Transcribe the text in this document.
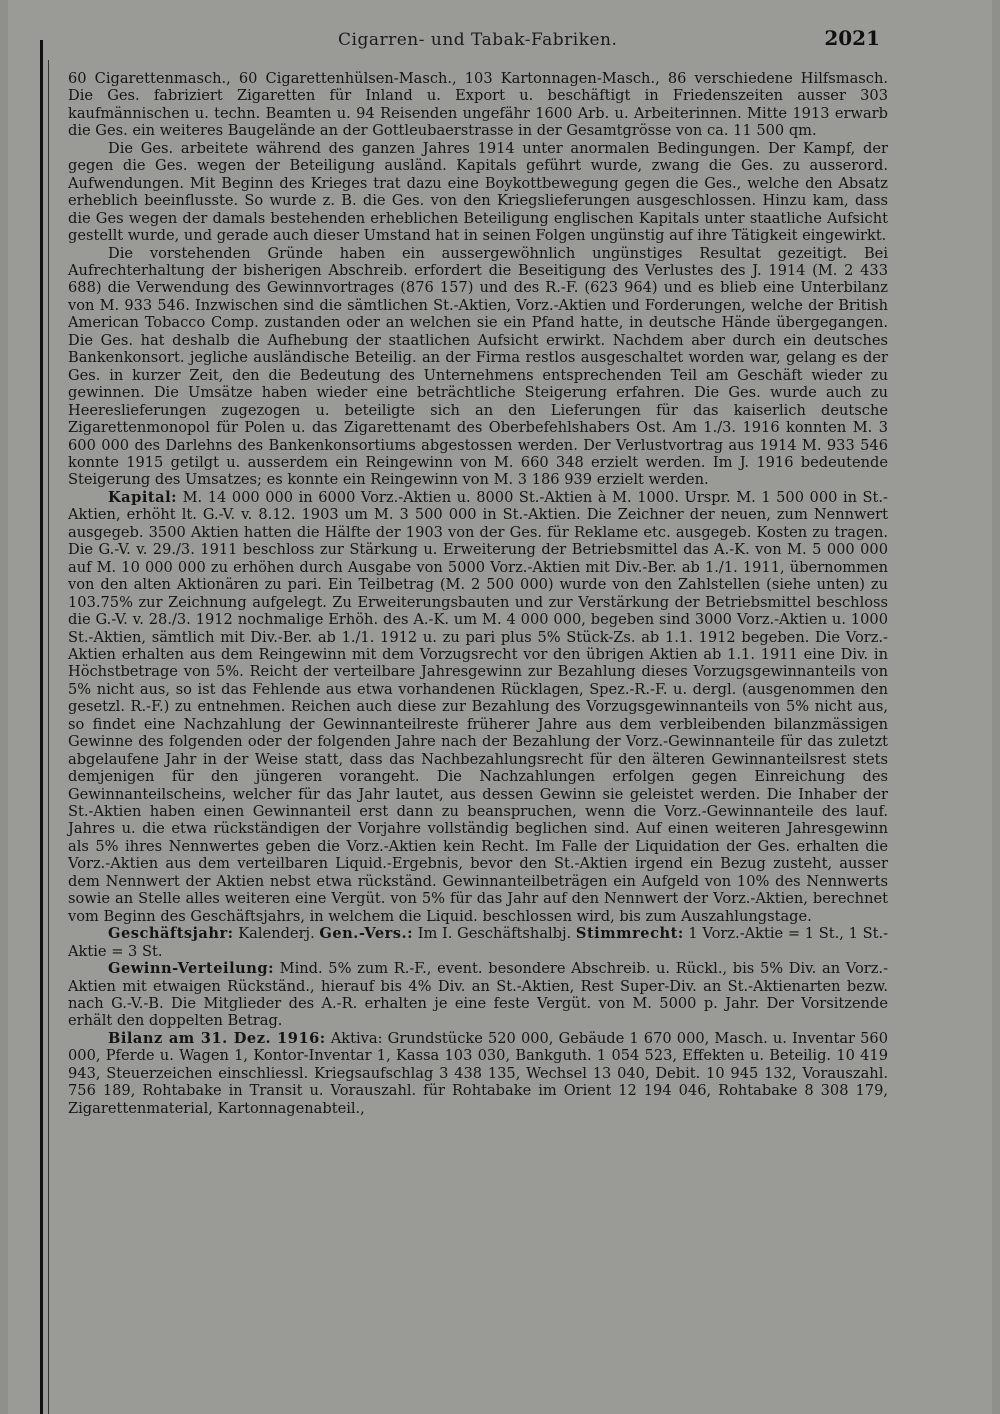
Cigarren- und Tabak-Fabriken.	2021

60 Cigarettenmasch., 60 Cigarettenhülsen-Masch., 103 Kartonnagen-Masch., 86 verschiedene Hilfsmasch. Die Ges. fabriziert Zigaretten für Inland u. Export u. beschäftigt in Friedenszeiten ausser 303 kaufmännischen u. techn. Beamten u. 94 Reisenden ungefähr 1600 Arb. u. Arbeiterinnen. Mitte 1913 erwarb die Ges. ein weiteres Baugelände an der Gottleubaerstrasse in der Gesamtgrösse von ca. 11 500 qm.

Die Ges. arbeitete während des ganzen Jahres 1914 unter anormalen Bedingungen. Der Kampf, der gegen die Ges. wegen der Beteiligung ausländ. Kapitals geführt wurde, zwang die Ges. zu ausserord. Aufwendungen. Mit Beginn des Krieges trat dazu eine Boykottbewegung gegen die Ges., welche den Absatz erheblich beeinflusste. So wurde z. B. die Ges. von den Kriegslieferungen ausgeschlossen. Hinzu kam, dass die Ges wegen der damals bestehenden erheblichen Beteiligung englischen Kapitals unter staatliche Aufsicht gestellt wurde, und gerade auch dieser Umstand hat in seinen Folgen ungünstig auf ihre Tätigkeit eingewirkt.

Die vorstehenden Gründe haben ein aussergewöhnlich ungünstiges Resultat gezeitigt. Bei Aufrechterhaltung der bisherigen Abschreib. erfordert die Beseitigung des Verlustes des J. 1914 (M. 2 433 688) die Verwendung des Gewinnvortrages (876 157) und des R.-F. (623 964) und es blieb eine Unterbilanz von M. 933 546. Inzwischen sind die sämtlichen St.-Aktien, Vorz.-Aktien und Forderungen, welche der British American Tobacco Comp. zustanden oder an welchen sie ein Pfand hatte, in deutsche Hände übergegangen. Die Ges. hat deshalb die Aufhebung der staatlichen Aufsicht erwirkt. Nachdem aber durch ein deutsches Bankenkonsort. jegliche ausländische Beteilig. an der Firma restlos ausgeschaltet worden war, gelang es der Ges. in kurzer Zeit, den die Bedeutung des Unternehmens entsprechenden Teil am Geschäft wieder zu gewinnen. Die Umsätze haben wieder eine beträchtliche Steigerung erfahren. Die Ges. wurde auch zu Heereslieferungen zugezogen u. beteiligte sich an den Lieferungen für das kaiserlich deutsche Zigarettenmonopol für Polen u. das Zigarettenamt des Oberbefehlshabers Ost. Am 1./3. 1916 konnten M. 3 600 000 des Darlehns des Bankenkonsortiums abgestossen werden. Der Verlustvortrag aus 1914 M. 933 546 konnte 1915 getilgt u. ausserdem ein Reingewinn von M. 660 348 erzielt werden. Im J. 1916 bedeutende Steigerung des Umsatzes; es konnte ein Reingewinn von M. 3 186 939 erzielt werden.

Kapital: M. 14 000 000 in 6000 Vorz.-Aktien u. 8000 St.-Aktien à M. 1000. Urspr. M. 1 500 000 in St.-Aktien, erhöht lt. G.-V. v. 8.12. 1903 um M. 3 500 000 in St.-Aktien. Die Zeichner der neuen, zum Nennwert ausgegeb. 3500 Aktien hatten die Hälfte der 1903 von der Ges. für Reklame etc. ausgegeb. Kosten zu tragen. Die G.-V. v. 29./3. 1911 beschloss zur Stärkung u. Erweiterung der Betriebsmittel das A.-K. von M. 5 000 000 auf M. 10 000 000 zu erhöhen durch Ausgabe von 5000 Vorz.-Aktien mit Div.-Ber. ab 1./1. 1911, übernommen von den alten Aktionären zu pari. Ein Teilbetrag (M. 2 500 000) wurde von den Zahlstellen (siehe unten) zu 103.75% zur Zeichnung aufgelegt. Zu Erweiterungsbauten und zur Verstärkung der Betriebsmittel beschloss die G.-V. v. 28./3. 1912 nochmalige Erhöh. des A.-K. um M. 4 000 000, begeben sind 3000 Vorz.-Aktien u. 1000 St.-Aktien, sämtlich mit Div.-Ber. ab 1./1. 1912 u. zu pari plus 5% Stück-Zs. ab 1.1. 1912 begeben. Die Vorz.-Aktien erhalten aus dem Reingewinn mit dem Vorzugsrecht vor den übrigen Aktien ab 1.1. 1911 eine Div. in Höchstbetrage von 5%. Reicht der verteilbare Jahresgewinn zur Bezahlung dieses Vorzugsgewinnanteils von 5% nicht aus, so ist das Fehlende aus etwa vorhandenen Rücklagen, Spez.-R.-F. u. dergl. (ausgenommen den gesetzl. R.-F.) zu entnehmen. Reichen auch diese zur Bezahlung des Vorzugsgewinnanteils von 5% nicht aus, so findet eine Nachzahlung der Gewinnanteilreste früherer Jahre aus dem verbleibenden bilanzmässigen Gewinne des folgenden oder der folgenden Jahre nach der Bezahlung der Vorz.-Gewinnanteile für das zuletzt abgelaufene Jahr in der Weise statt, dass das Nachbezahlungsrecht für den älteren Gewinnanteilsrest stets demjenigen für den jüngeren vorangeht. Die Nachzahlungen erfolgen gegen Einreichung des Gewinnanteilscheins, welcher für das Jahr lautet, aus dessen Gewinn sie geleistet werden. Die Inhaber der St.-Aktien haben einen Gewinnanteil erst dann zu beanspruchen, wenn die Vorz.-Gewinnanteile des lauf. Jahres u. die etwa rückständigen der Vorjahre vollständig beglichen sind. Auf einen weiteren Jahresgewinn als 5% ihres Nennwertes geben die Vorz.-Aktien kein Recht. Im Falle der Liquidation der Ges. erhalten die Vorz.-Aktien aus dem verteilbaren Liquid.-Ergebnis, bevor den St.-Aktien irgend ein Bezug zusteht, ausser dem Nennwert der Aktien nebst etwa rückständ. Gewinnanteilbeträgen ein Aufgeld von 10% des Nennwerts sowie an Stelle alles weiteren eine Vergüt. von 5% für das Jahr auf den Nennwert der Vorz.-Aktien, berechnet vom Beginn des Geschäftsjahrs, in welchem die Liquid. beschlossen wird, bis zum Auszahlungstage.

Geschäftsjahr: Kalenderj. Gen.-Vers.: Im I. Geschäftshalbj. Stimmrecht: 1 Vorz.-Aktie = 1 St., 1 St.-Aktie = 3 St.

Gewinn-Verteilung: Mind. 5% zum R.-F., event. besondere Abschreib. u. Rückl., bis 5% Div. an Vorz.-Aktien mit etwaigen Rückständ., hierauf bis 4% Div. an St.-Aktien, Rest Super-Div. an St.-Aktienarten bezw. nach G.-V.-B. Die Mitglieder des A.-R. erhalten je eine feste Vergüt. von M. 5000 p. Jahr. Der Vorsitzende erhält den doppelten Betrag.

Bilanz am 31. Dez. 1916: Aktiva: Grundstücke 520 000, Gebäude 1 670 000, Masch. u. Inventar 560 000, Pferde u. Wagen 1, Kontor-Inventar 1, Kassa 103 030, Bankguth. 1 054 523, Effekten u. Beteilig. 10 419 943, Steuerzeichen einschliessl. Kriegsaufschlag 3 438 135, Wechsel 13 040, Debit. 10 945 132, Vorauszahl. 756 189, Rohtabake in Transit u. Vorauszahl. für Rohtabake im Orient 12 194 046, Rohtabake 8 308 179, Zigarettenmaterial, Kartonnagenabteil.,
